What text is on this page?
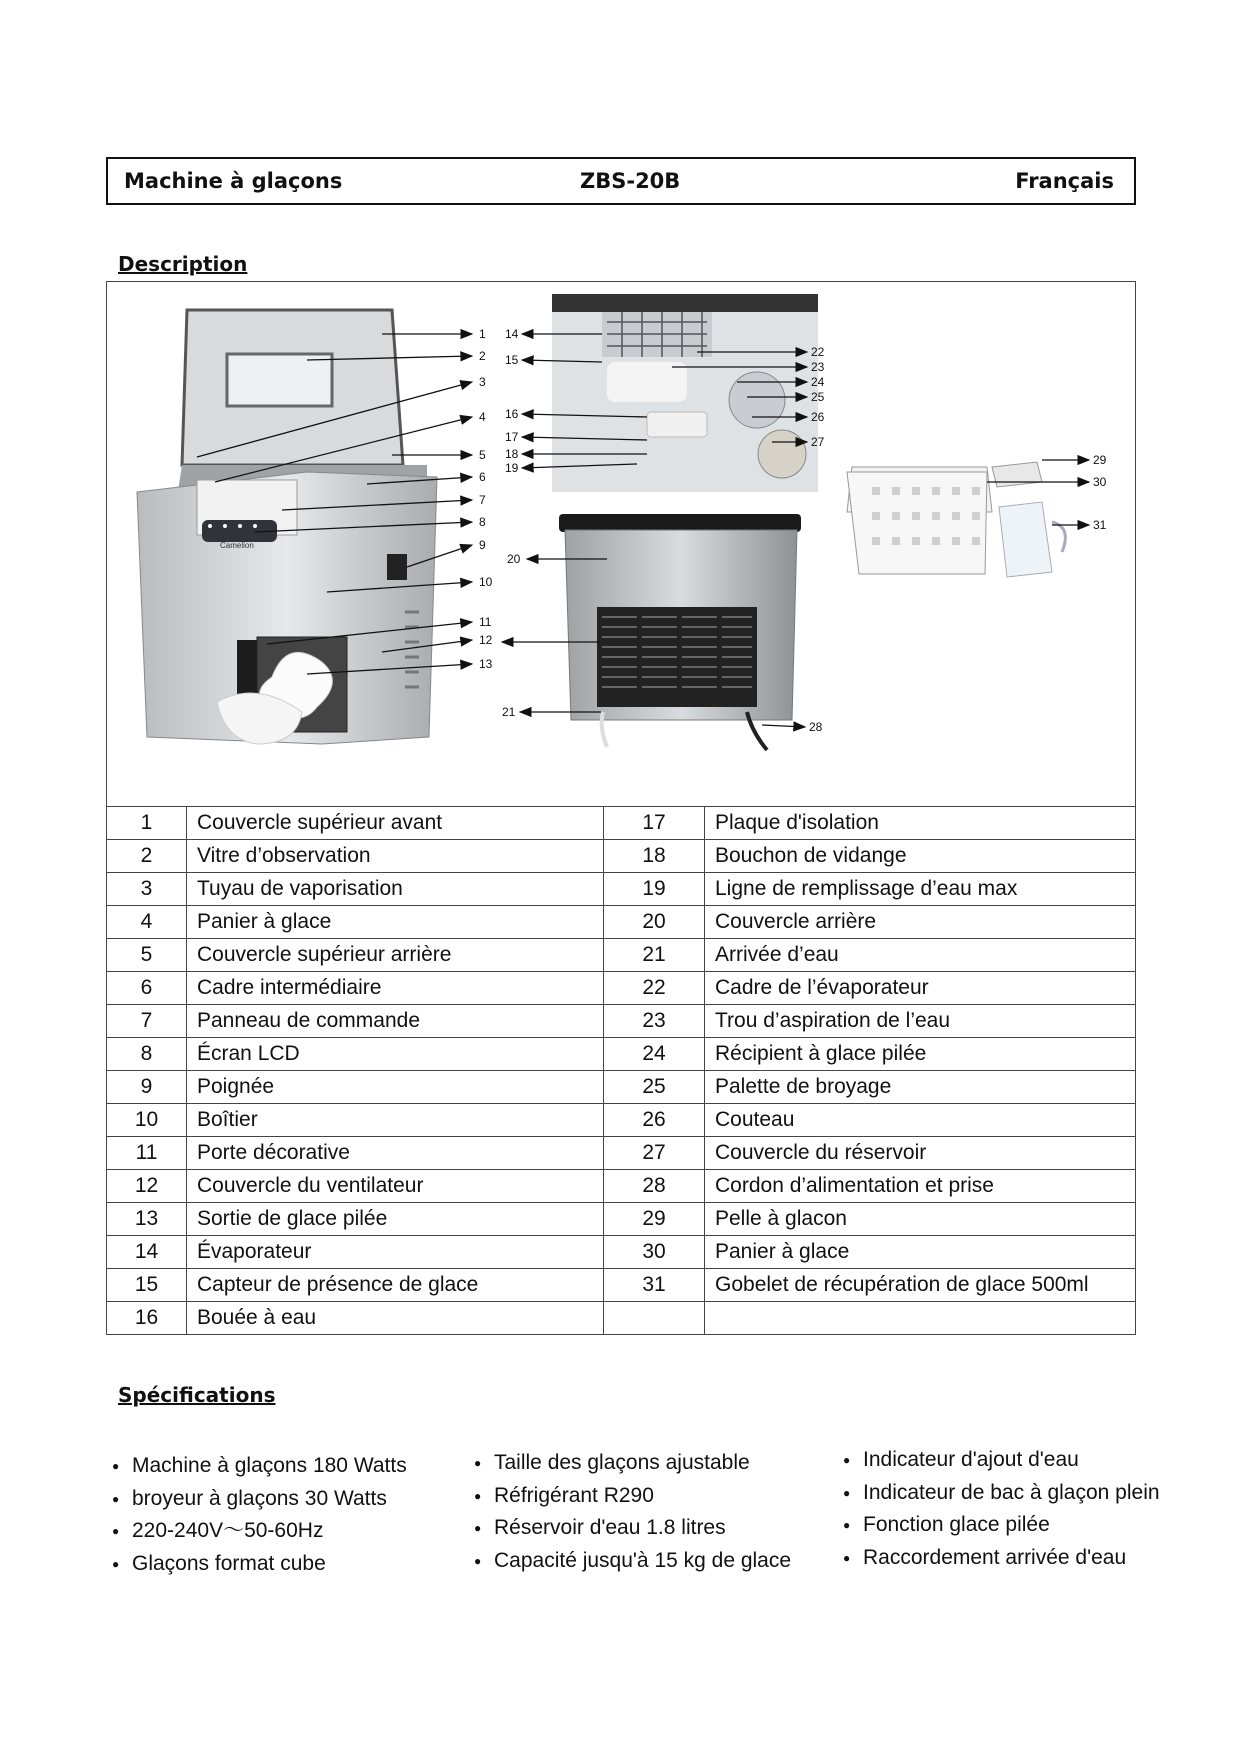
Machine à glaçons	ZBS-20B	Français
Description
Camelion
1
2
3
4
5
6
7
8
9
10
11
12
13
14
15
16
17
18
19
20
21
22
23
24
25
26
27
28
29
30
31
1	Couvercle supérieur avant	17	Plaque d'isolation
2	Vitre d’observation	18	Bouchon de vidange
3	Tuyau de vaporisation	19	Ligne de remplissage d’eau max
4	Panier à glace	20	Couvercle arrière
5	Couvercle supérieur arrière	21	Arrivée d’eau
6	Cadre intermédiaire	22	Cadre de l’évaporateur
7	Panneau de commande	23	Trou d’aspiration de l’eau
8	Écran LCD	24	Récipient à glace pilée
9	Poignée	25	Palette de broyage
10	Boîtier	26	Couteau
11	Porte décorative	27	Couvercle du réservoir
12	Couvercle du ventilateur	28	Cordon d’alimentation et prise
13	Sortie de glace pilée	29	Pelle à glacon
14	Évaporateur	30	Panier à glace
15	Capteur de présence de glace	31	Gobelet de récupération de glace 500ml
16	Bouée à eau		
Spécifications
● Machine à glaçons 180 Watts
● broyeur à glaçons 30 Watts
● 220-240V～50-60Hz
● Glaçons format cube
● Taille des glaçons ajustable
● Réfrigérant R290
● Réservoir d'eau 1.8 litres
● Capacité jusqu'à 15 kg de glace
● Indicateur d'ajout d'eau
● Indicateur de bac à glaçon plein
● Fonction glace pilée
● Raccordement arrivée d'eau
